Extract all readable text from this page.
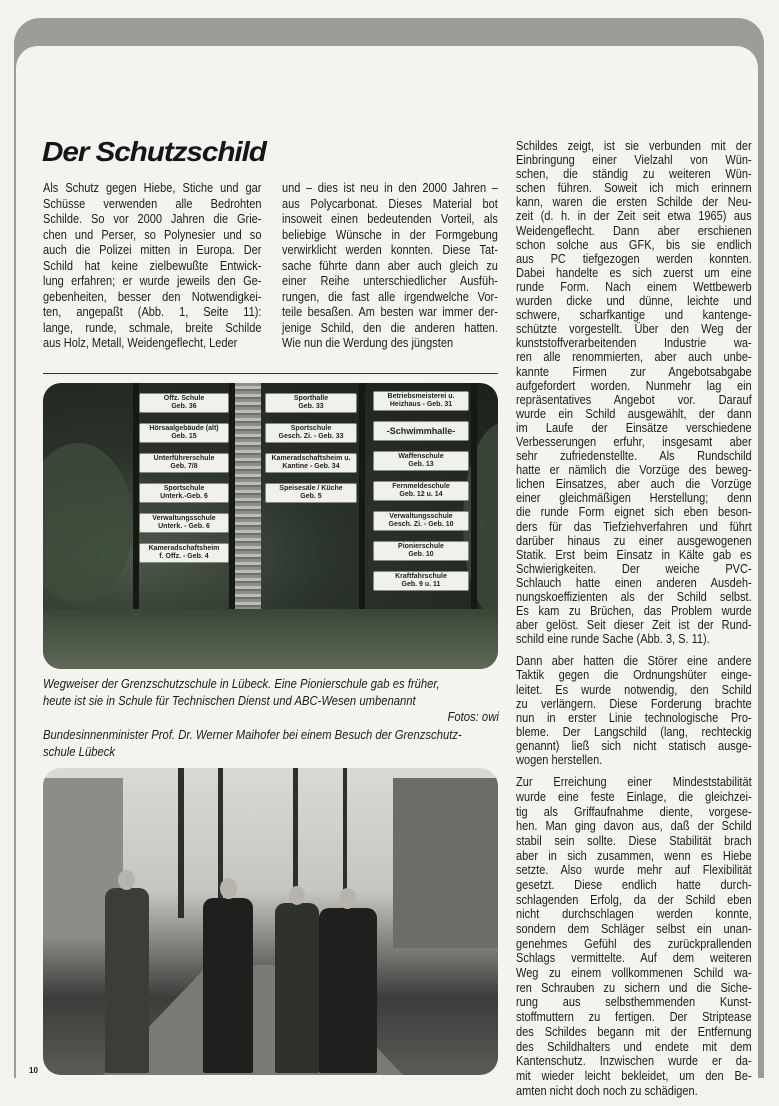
Der Schutzschild
Als Schutz gegen Hiebe, Stiche und gar
Schüsse verwenden alle Bedrohten
Schilde. So vor 2000 Jahren die Grie-
chen und Perser, so Polynesier und so
auch die Polizei mitten in Europa. Der
Schild hat keine zielbewußte Entwick-
lung erfahren; er wurde jeweils den Ge-
gebenheiten, besser den Notwendigkei-
ten, angepaßt (Abb. 1, Seite 11):
lange, runde, schmale, breite Schilde
aus Holz, Metall, Weidengeflecht, Leder
und – dies ist neu in den 2000 Jahren –
aus Polycarbonat. Dieses Material bot
insoweit einen bedeutenden Vorteil, als
beliebige Wünsche in der Formgebung
verwirklicht werden konnten. Diese Tat-
sache führte dann aber auch gleich zu
einer Reihe unterschiedlicher Ausfüh-
rungen, die fast alle irgendwelche Vor-
teile besaßen. Am besten war immer der-
jenige Schild, den die anderen hatten.
Wie nun die Werdung des jüngsten
Schildes zeigt, ist sie verbunden mit der
Einbringung einer Vielzahl von Wün-
schen, die ständig zu weiteren Wün-
schen führen. Soweit ich mich erinnern
kann, waren die ersten Schilde der Neu-
zeit (d. h. in der Zeit seit etwa 1965) aus
Weidengeflecht. Dann aber erschienen
schon solche aus GFK, bis sie endlich
aus PC tiefgezogen werden konnten.
Dabei handelte es sich zuerst um eine
runde Form. Nach einem Wettbewerb
wurden dicke und dünne, leichte und
schwere, scharfkantige und kantenge-
schützte vorgestellt. Über den Weg der
kunststoffverarbeitenden Industrie wa-
ren alle renommierten, aber auch unbe-
kannte Firmen zur Angebotsabgabe
aufgefordert worden. Nunmehr lag ein
repräsentatives Angebot vor. Darauf
wurde ein Schild ausgewählt, der dann
im Laufe der Einsätze verschiedene
Verbesserungen erfuhr, insgesamt aber
sehr zufriedenstellte. Als Rundschild
hatte er nämlich die Vorzüge des beweg-
lichen Einsatzes, aber auch die Vorzüge
einer gleichmäßigen Herstellung; denn
die runde Form eignet sich eben beson-
ders für das Tiefziehverfahren und führt
darüber hinaus zu einer ausgewogenen
Statik. Erst beim Einsatz in Kälte gab es
Schwierigkeiten. Der weiche PVC-
Schlauch hatte einen anderen Ausdeh-
nungskoeffizienten als der Schild selbst.
Es kam zu Brüchen, das Problem wurde
aber gelöst. Seit dieser Zeit ist der Rund-
schild eine runde Sache (Abb. 3, S. 11).
Dann aber hatten die Störer eine andere
Taktik gegen die Ordnungshüter einge-
leitet. Es wurde notwendig, den Schild
zu verlängern. Diese Forderung brachte
nun in erster Linie technologische Pro-
bleme. Der Langschild (lang, rechteckig
genannt) ließ sich nicht statisch ausge-
wogen herstellen.
Zur Erreichung einer Mindeststabilität
wurde eine feste Einlage, die gleichzei-
tig als Griffaufnahme diente, vorgese-
hen. Man ging davon aus, daß der Schild
stabil sein sollte. Diese Stabilität brach
aber in sich zusammen, wenn es Hiebe
setzte. Also wurde mehr auf Flexibilität
gesetzt. Diese endlich hatte durch-
schlagenden Erfolg, da der Schild eben
nicht durchschlagen werden konnte,
sondern dem Schläger selbst ein unan-
genehmes Gefühl des zurückprallenden
Schlags vermittelte. Auf dem weiteren
Weg zu einem vollkommenen Schild wa-
ren Schrauben zu sichern und die Siche-
rung aus selbsthemmenden Kunst-
stoffmuttern zu fertigen. Der Striptease
des Schildes begann mit der Entfernung
des Schildhalters und endete mit dem
Kantenschutz. Inzwischen wurde er da-
mit wieder leicht bekleidet, um den Be-
amten nicht doch noch zu schädigen.
Offz. Schule
Geb. 36
Hörsaalgebäude (alt)
Geb. 15
Unterführerschule
Geb. 7/8
Sportschule
Unterk.-Geb. 6
Verwaltungsschule
Unterk. - Geb. 6
Kameradschaftsheim
f. Offz. - Geb. 4
Sporthalle
Geb. 33
Sportschule
Gesch. Zi. - Geb. 33
Kameradschaftsheim u.
Kantine - Geb. 34
Speisesäle / Küche
Geb. 5
Betriebsmeisterei u.
Heizhaus - Geb. 31
-Schwimmhalle-
Waffenschule
Geb. 13
Fernmeldeschule
Geb. 12 u. 14
Verwaltungsschule
Gesch. Zi. - Geb. 10
Pionierschule
Geb. 10
Kraftfahrschule
Geb. 9 u. 11
Wegweiser der Grenzschutzschule in Lübeck. Eine Pionierschule gab es früher,
heute ist sie in Schule für Technischen Dienst und ABC-Wesen umbenannt
Fotos: owi
Bundesinnenminister Prof. Dr. Werner Maihofer bei einem Besuch der Grenzschutz-
schule Lübeck
10
